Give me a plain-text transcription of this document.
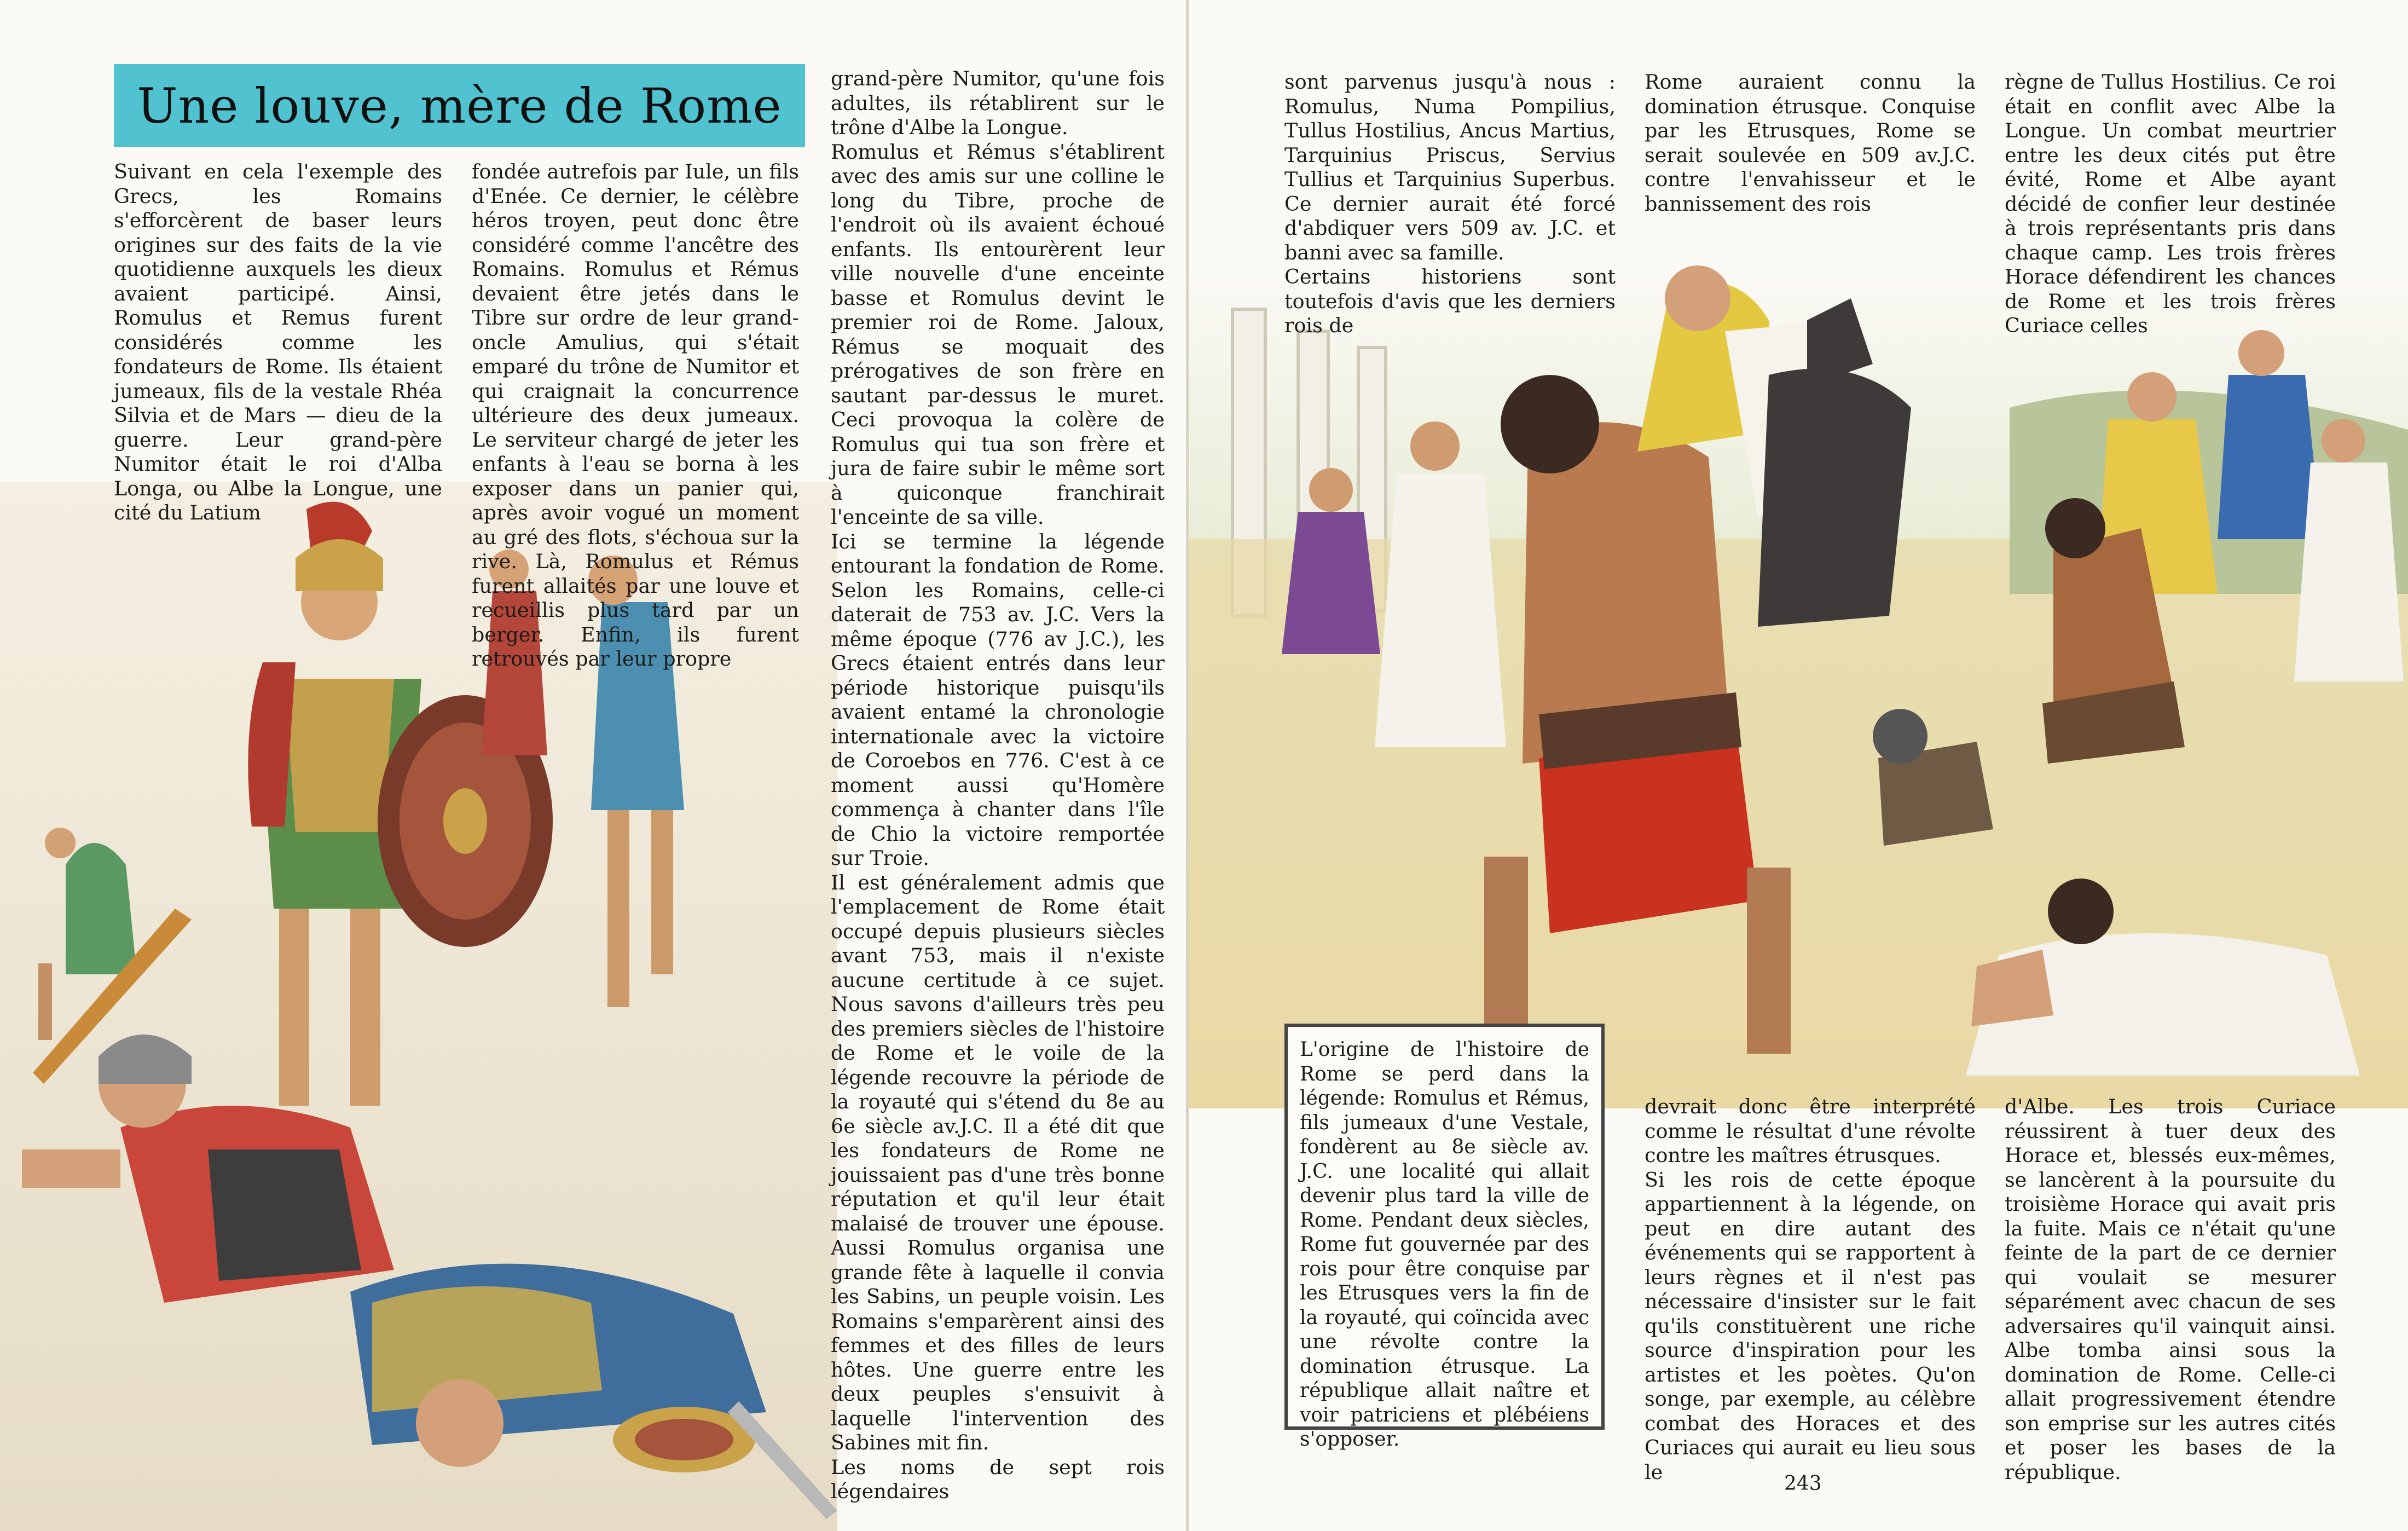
Une louve, mère de Rome

Suivant en cela l'exemple des Grecs, les Romains s'efforcèrent de baser leurs origines sur des faits de la vie quotidienne auxquels les dieux avaient participé. Ainsi, Romulus et Remus furent considérés comme les fondateurs de Rome. Ils étaient jumeaux, fils de la vestale Rhéa Silvia et de Mars — dieu de la guerre. Leur grand-père Numitor était le roi d'Alba Longa, ou Albe la Longue, une cité du Latium

fondée autrefois par Iule, un fils d'Enée. Ce dernier, le célèbre héros troyen, peut donc être considéré comme l'ancêtre des Romains. Romulus et Rémus devaient être jetés dans le Tibre sur ordre de leur grand-oncle Amulius, qui s'était emparé du trône de Numitor et qui craignait la concurrence ultérieure des deux jumeaux. Le serviteur chargé de jeter les enfants à l'eau se borna à les exposer dans un panier qui, après avoir vogué un moment au gré des flots, s'échoua sur la rive. Là, Romulus et Rémus furent allaités par une louve et recueillis plus tard par un berger. Enfin, ils furent retrouvés par leur propre

grand-père Numitor, qu'une fois adultes, ils rétablirent sur le trône d'Albe la Longue.

Romulus et Rémus s'établirent avec des amis sur une colline le long du Tibre, proche de l'endroit où ils avaient échoué enfants. Ils entourèrent leur ville nouvelle d'une enceinte basse et Romulus devint le premier roi de Rome. Jaloux, Rémus se moquait des prérogatives de son frère en sautant par-dessus le muret. Ceci provoqua la colère de Romulus qui tua son frère et jura de faire subir le même sort à quiconque franchirait l'enceinte de sa ville.

Ici se termine la légende entourant la fondation de Rome. Selon les Romains, celle-ci daterait de 753 av. J.C. Vers la même époque (776 av J.C.), les Grecs étaient entrés dans leur période historique puisqu'ils avaient entamé la chronologie internationale avec la victoire de Coroebos en 776. C'est à ce moment aussi qu'Homère commença à chanter dans l'île de Chio la victoire remportée sur Troie.

Il est généralement admis que l'emplacement de Rome était occupé depuis plusieurs siècles avant 753, mais il n'existe aucune certitude à ce sujet. Nous savons d'ailleurs très peu des premiers siècles de l'histoire de Rome et le voile de la légende recouvre la période de la royauté qui s'étend du 8e au 6e siècle av.J.C. Il a été dit que les fondateurs de Rome ne jouissaient pas d'une très bonne réputation et qu'il leur était malaisé de trouver une épouse. Aussi Romulus organisa une grande fête à laquelle il convia les Sabins, un peuple voisin. Les Romains s'emparèrent ainsi des femmes et des filles de leurs hôtes. Une guerre entre les deux peuples s'ensuivit à laquelle l'intervention des Sabines mit fin.

Les noms de sept rois légendaires

sont parvenus jusqu'à nous : Romulus, Numa Pompilius, Tullus Hostilius, Ancus Martius, Tarquinius Priscus, Servius Tullius et Tarquinius Superbus. Ce dernier aurait été forcé d'abdiquer vers 509 av. J.C. et banni avec sa famille.

Certains historiens sont toutefois d'avis que les derniers rois de

Rome auraient connu la domination étrusque. Conquise par les Etrusques, Rome se serait soulevée en 509 av.J.C. contre l'envahisseur et le bannissement des rois

règne de Tullus Hostilius. Ce roi était en conflit avec Albe la Longue. Un combat meurtrier entre les deux cités put être évité, Rome et Albe ayant décidé de confier leur destinée à trois représentants pris dans chaque camp. Les trois frères Horace défendirent les chances de Rome et les trois frères Curiace celles

L'origine de l'histoire de Rome se perd dans la légende: Romulus et Rémus, fils jumeaux d'une Vestale, fondèrent au 8e siècle av. J.C. une localité qui allait devenir plus tard la ville de Rome. Pendant deux siècles, Rome fut gouvernée par des rois pour être conquise par les Etrusques vers la fin de la royauté, qui coïncida avec une révolte contre la domination étrusque. La république allait naître et voir patriciens et plébéiens s'opposer.

devrait donc être interprété comme le résultat d'une révolte contre les maîtres étrusques.

Si les rois de cette époque appartiennent à la légende, on peut en dire autant des événements qui se rapportent à leurs règnes et il n'est pas nécessaire d'insister sur le fait qu'ils constituèrent une riche source d'inspiration pour les artistes et les poètes. Qu'on songe, par exemple, au célèbre combat des Horaces et des Curiaces qui aurait eu lieu sous le

d'Albe. Les trois Curiace réussirent à tuer deux des Horace et, blessés eux-mêmes, se lancèrent à la poursuite du troisième Horace qui avait pris la fuite. Mais ce n'était qu'une feinte de la part de ce dernier qui voulait se mesurer séparément avec chacun de ses adversaires qu'il vainquit ainsi. Albe tomba ainsi sous la domination de Rome. Celle-ci allait progressivement étendre son emprise sur les autres cités et poser les bases de la république.

243
